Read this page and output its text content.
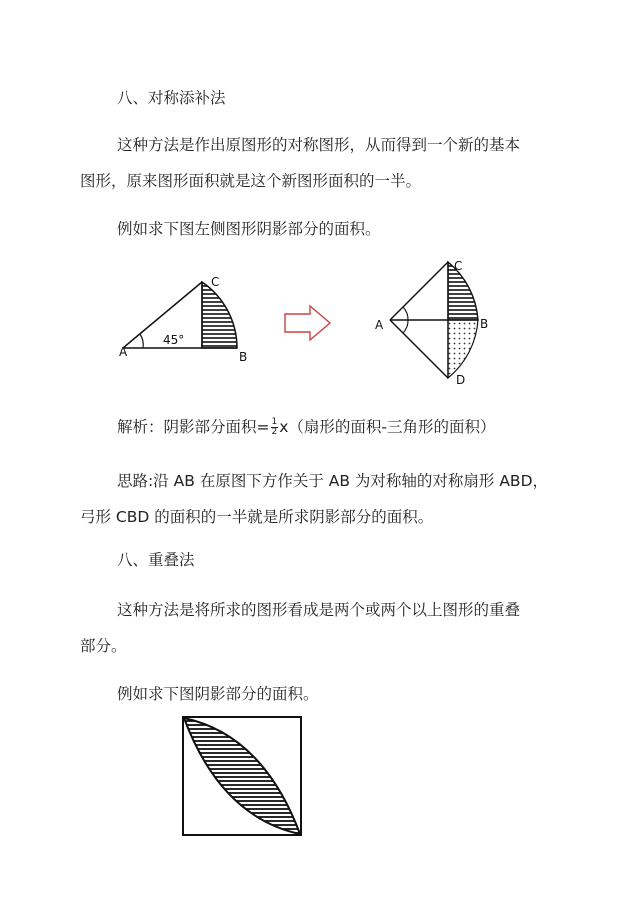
八、对称添补法

这种方法是作出原图形的对称图形，从而得到一个新的基本
图形，原来图形面积就是这个新图形面积的一半。

例如求下图左侧图形阴影部分的面积。

45°
A	B
C
A	B
C
D

解析：阴影部分面积= $\frac{1}{2} x$（扇形的面积-三角形的面积）

思路:沿 AB 在原图下方作关于 AB 为对称轴的对称扇形 ABD，
弓形 CBD 的面积的一半就是所求阴影部分的面积。

八、重叠法

这种方法是将所求的图形看成是两个或两个以上图形的重叠
部分。

例如求下图阴影部分的面积。
